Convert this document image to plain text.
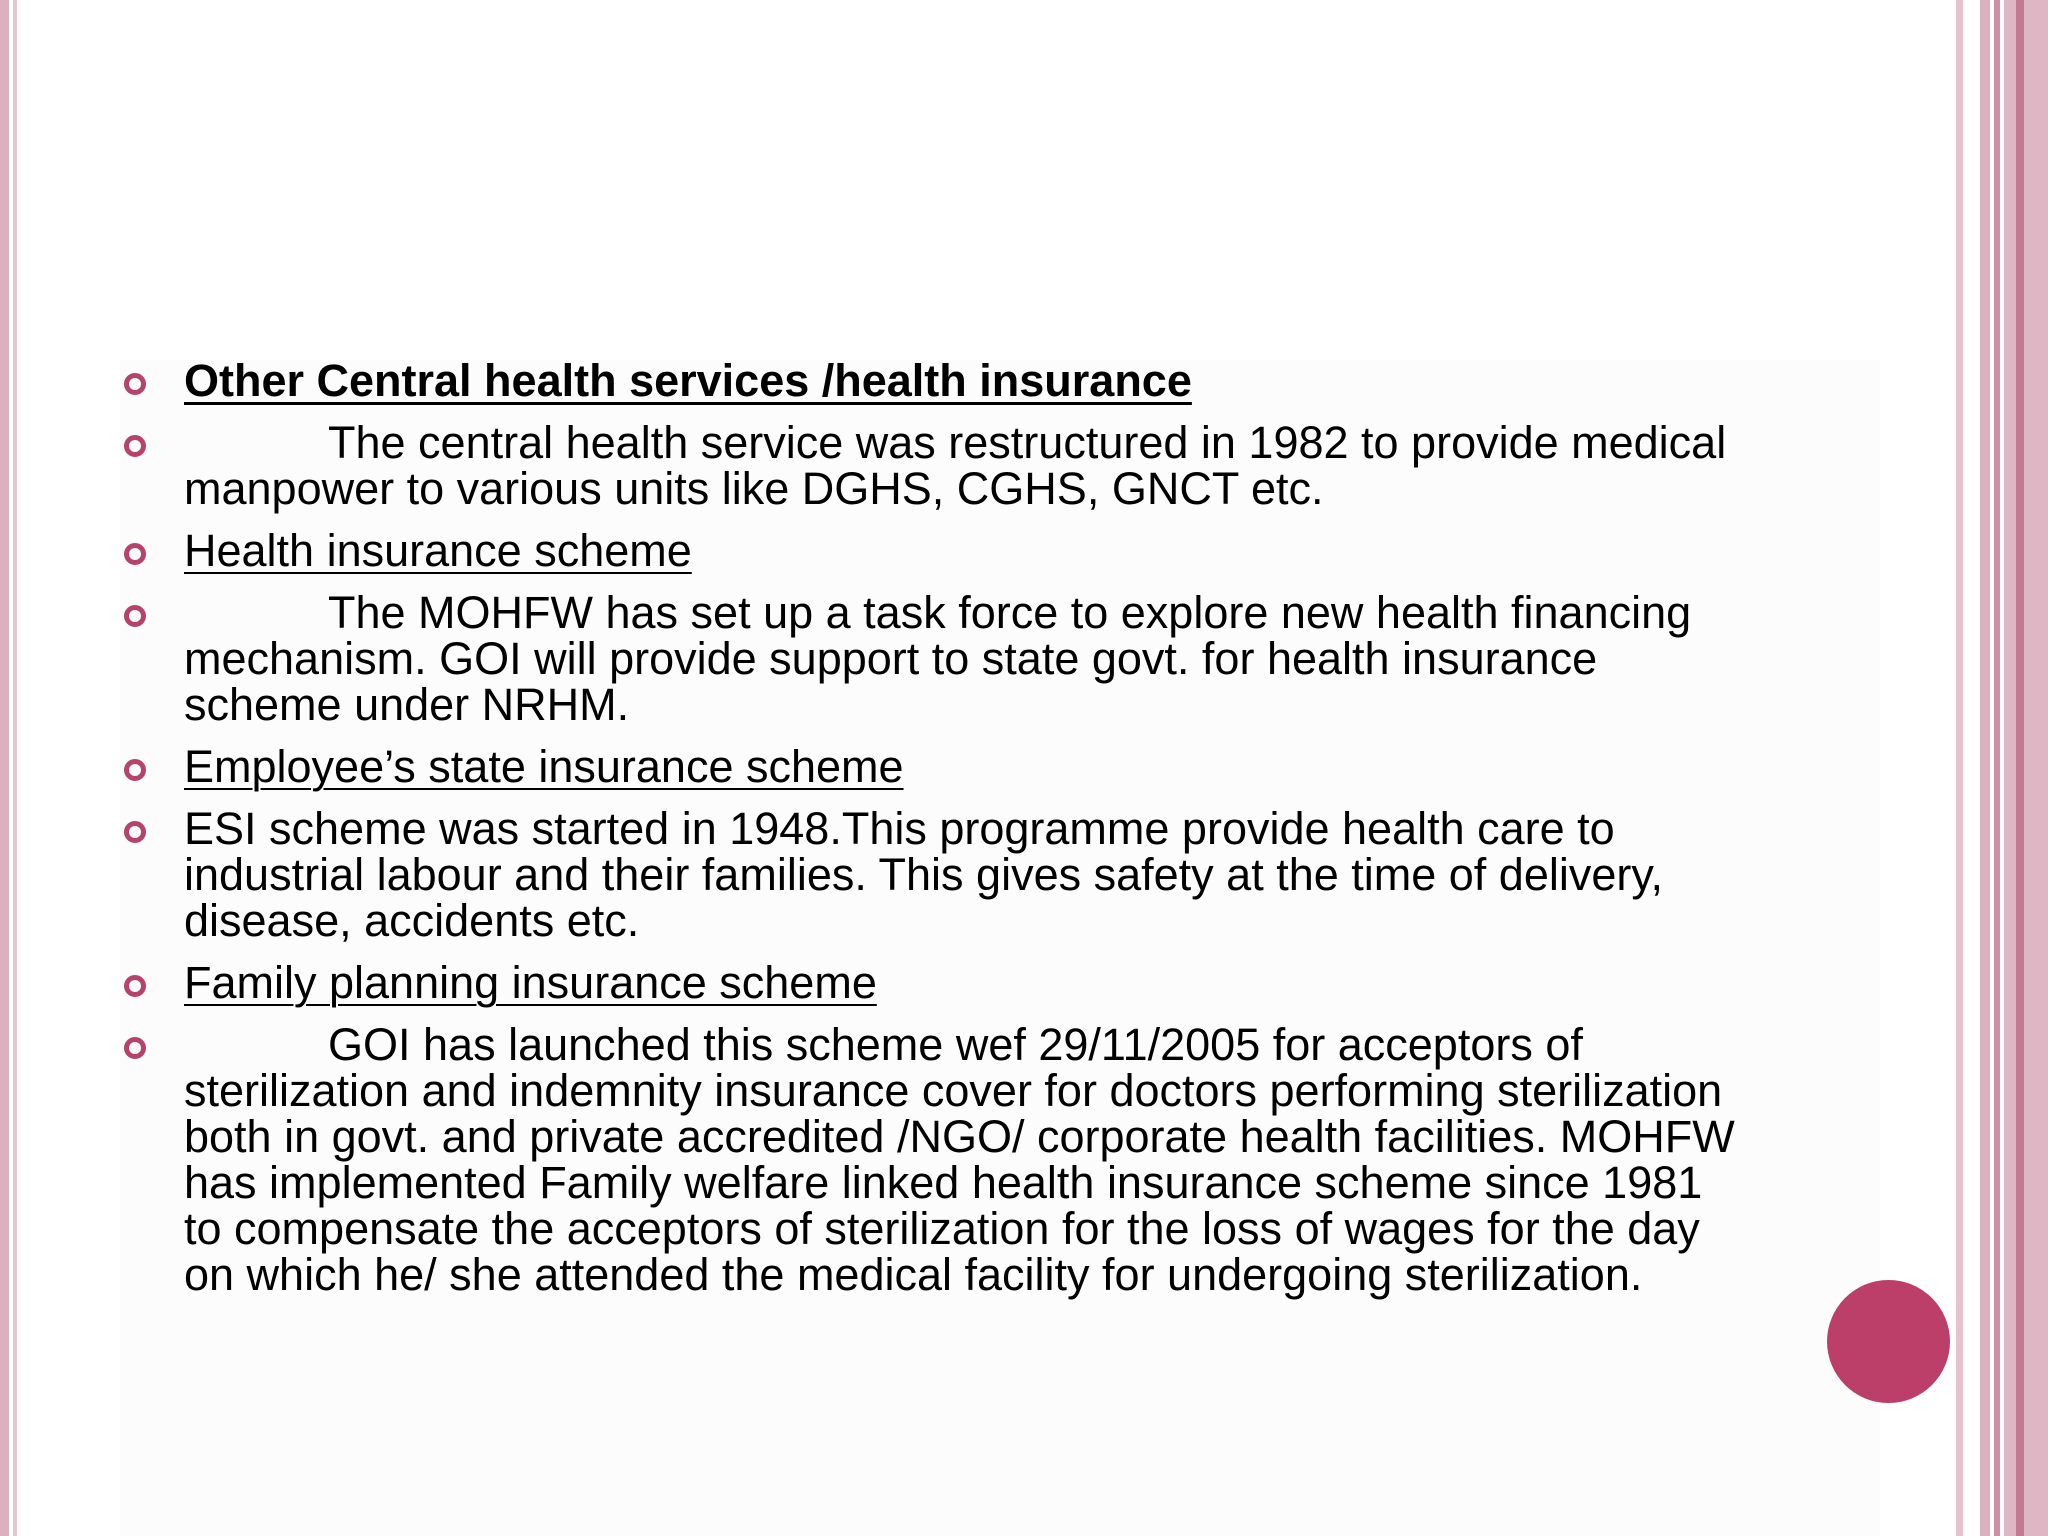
Other Central health services /health insurance
The central health service was restructured in 1982 to provide medical manpower to various units like DGHS, CGHS, GNCT etc.
Health insurance scheme
The MOHFW has set up a task force to explore new health financing mechanism. GOI will provide support to state govt. for health insurance scheme under NRHM.
Employee’s state insurance scheme
ESI scheme was started in 1948.This programme provide health care to industrial labour and their families. This gives safety at the time of delivery, disease, accidents etc.
Family planning insurance scheme
GOI has launched this scheme wef 29/11/2005 for acceptors of sterilization and indemnity insurance cover for doctors performing sterilization both in govt. and private accredited /NGO/ corporate health facilities. MOHFW has implemented Family welfare linked health insurance scheme since 1981 to compensate the acceptors of sterilization for the loss of wages for the day on which he/ she attended the medical facility for undergoing sterilization.
